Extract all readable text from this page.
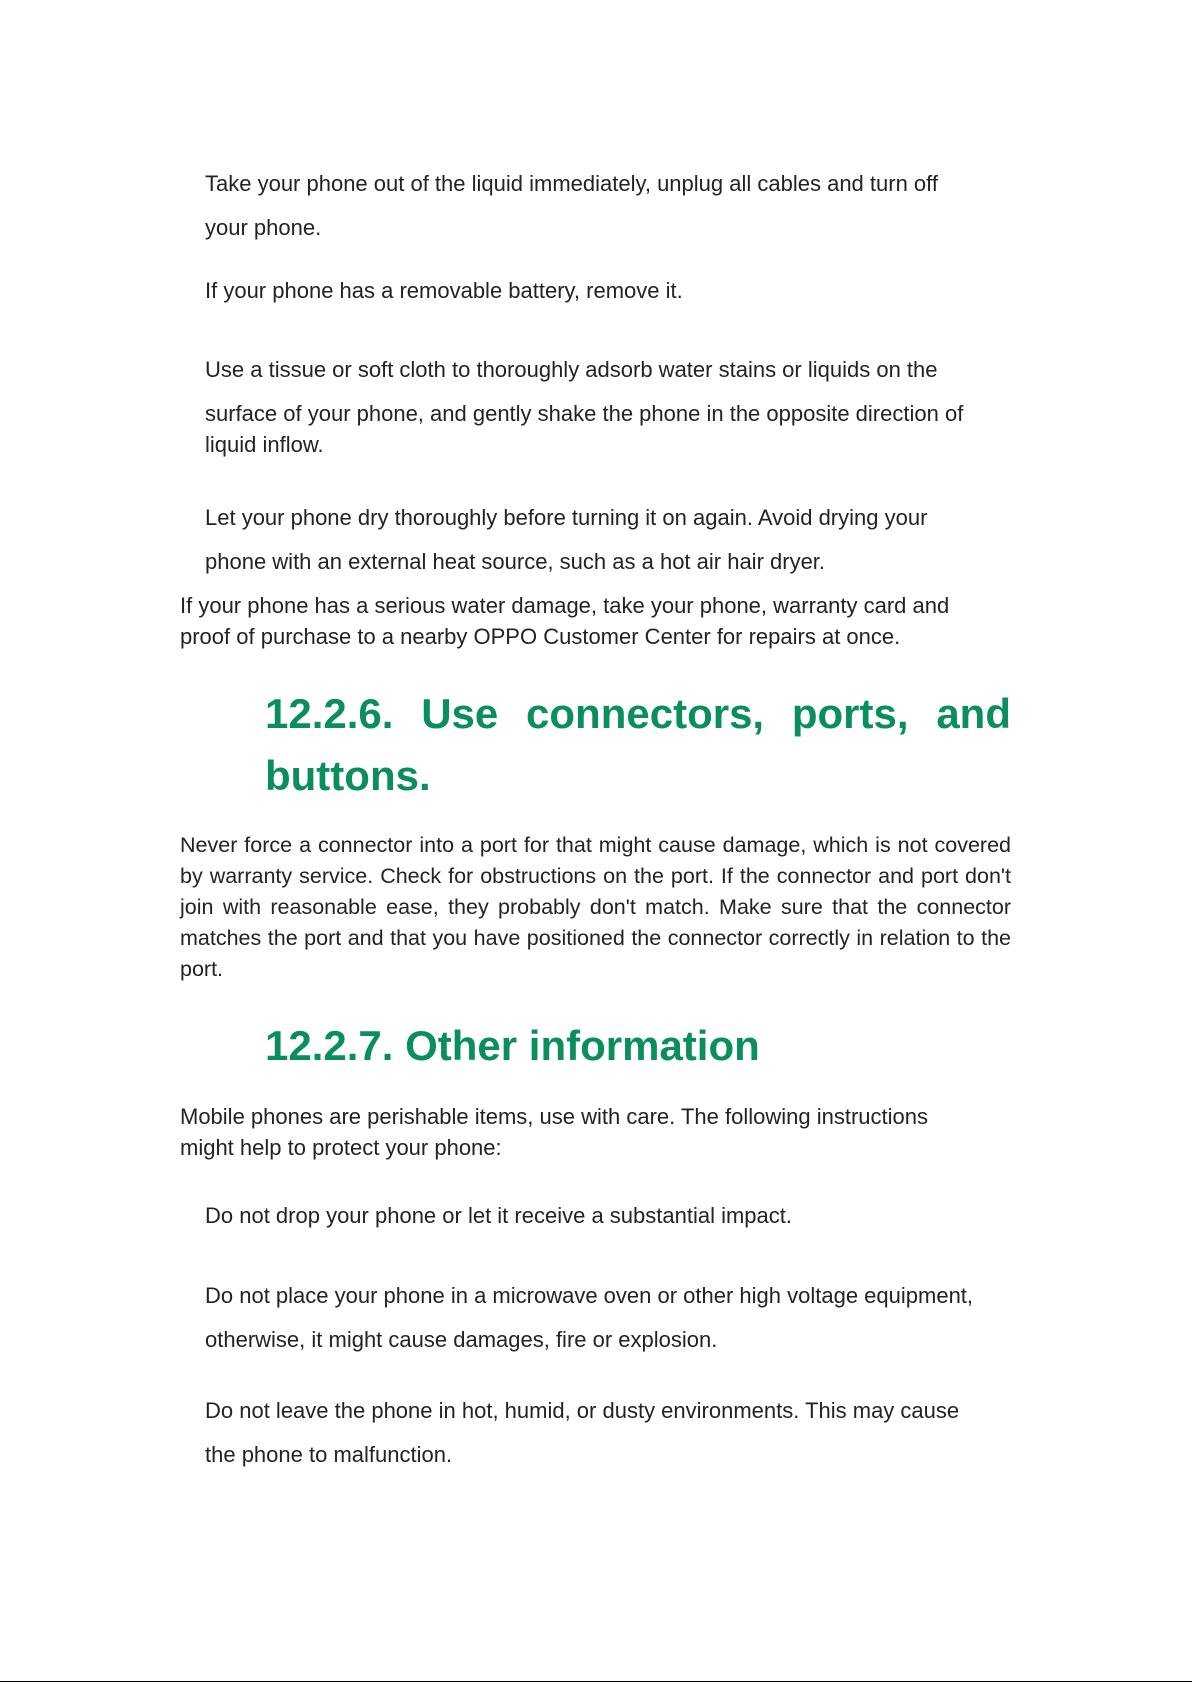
Take your phone out of the liquid immediately, unplug all cables and turn off
your phone.
If your phone has a removable battery, remove it.
Use a tissue or soft cloth to thoroughly adsorb water stains or liquids on the
surface of your phone, and gently shake the phone in the opposite direction of
liquid inflow.
Let your phone dry thoroughly before turning it on again. Avoid drying your
phone with an external heat source, such as a hot air hair dryer.
If your phone has a serious water damage, take your phone, warranty card and proof of purchase to a nearby OPPO Customer Center for repairs at once.
12.2.6. Use connectors, ports, and
buttons.
Never force a connector into a port for that might cause damage, which is not covered by warranty service. Check for obstructions on the port. If the connector and port don't join with reasonable ease, they probably don't match. Make sure that the connector matches the port and that you have positioned the connector correctly in relation to the port.
12.2.7. Other information
Mobile phones are perishable items, use with care. The following instructions might help to protect your phone:
Do not drop your phone or let it receive a substantial impact.
Do not place your phone in a microwave oven or other high voltage equipment,
otherwise, it might cause damages, fire or explosion.
Do not leave the phone in hot, humid, or dusty environments. This may cause
the phone to malfunction.
